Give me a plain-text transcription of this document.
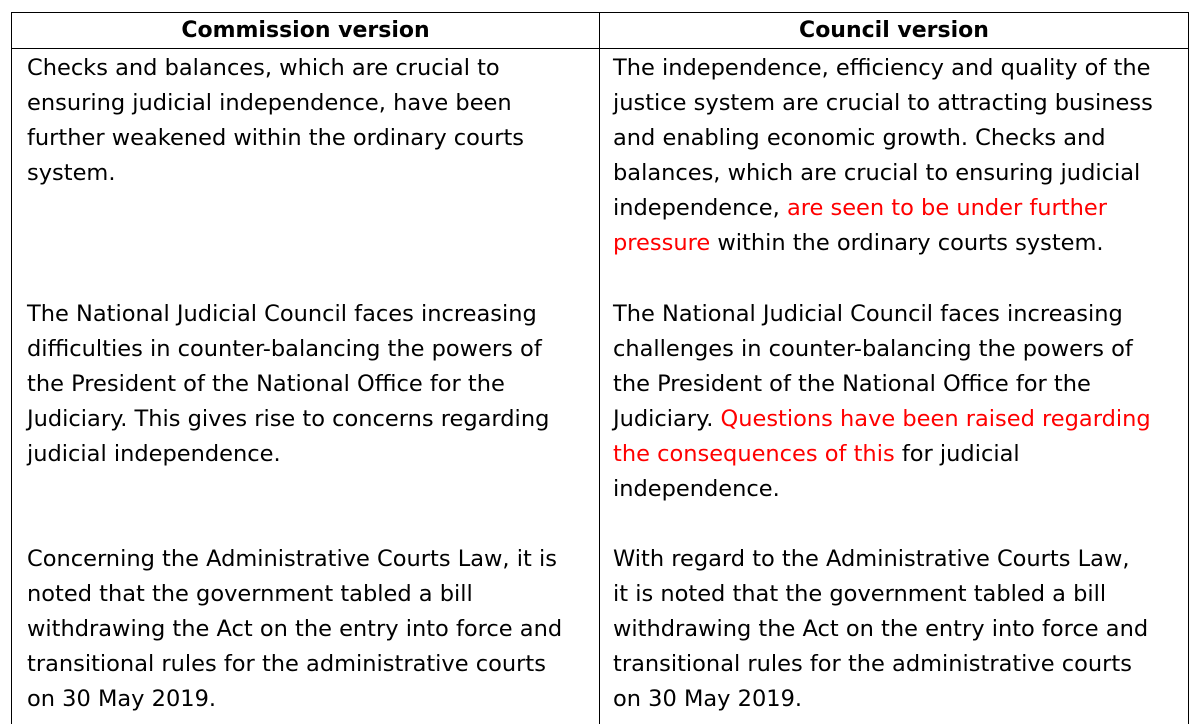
Commission version	Council version
Checks and balances, which are crucial to
ensuring judicial independence, have been
further weakened within the ordinary courts
system.
The independence, efficiency and quality of the
justice system are crucial to attracting business
and enabling economic growth. Checks and
balances, which are crucial to ensuring judicial
independence, are seen to be under further
pressure within the ordinary courts system.
The National Judicial Council faces increasing
difficulties in counter-balancing the powers of
the President of the National Office for the
Judiciary. This gives rise to concerns regarding
judicial independence.
The National Judicial Council faces increasing
challenges in counter-balancing the powers of
the President of the National Office for the
Judiciary. Questions have been raised regarding
the consequences of this for judicial
independence.
Concerning the Administrative Courts Law, it is
noted that the government tabled a bill
withdrawing the Act on the entry into force and
transitional rules for the administrative courts
on 30 May 2019.
With regard to the Administrative Courts Law,
it is noted that the government tabled a bill
withdrawing the Act on the entry into force and
transitional rules for the administrative courts
on 30 May 2019.
